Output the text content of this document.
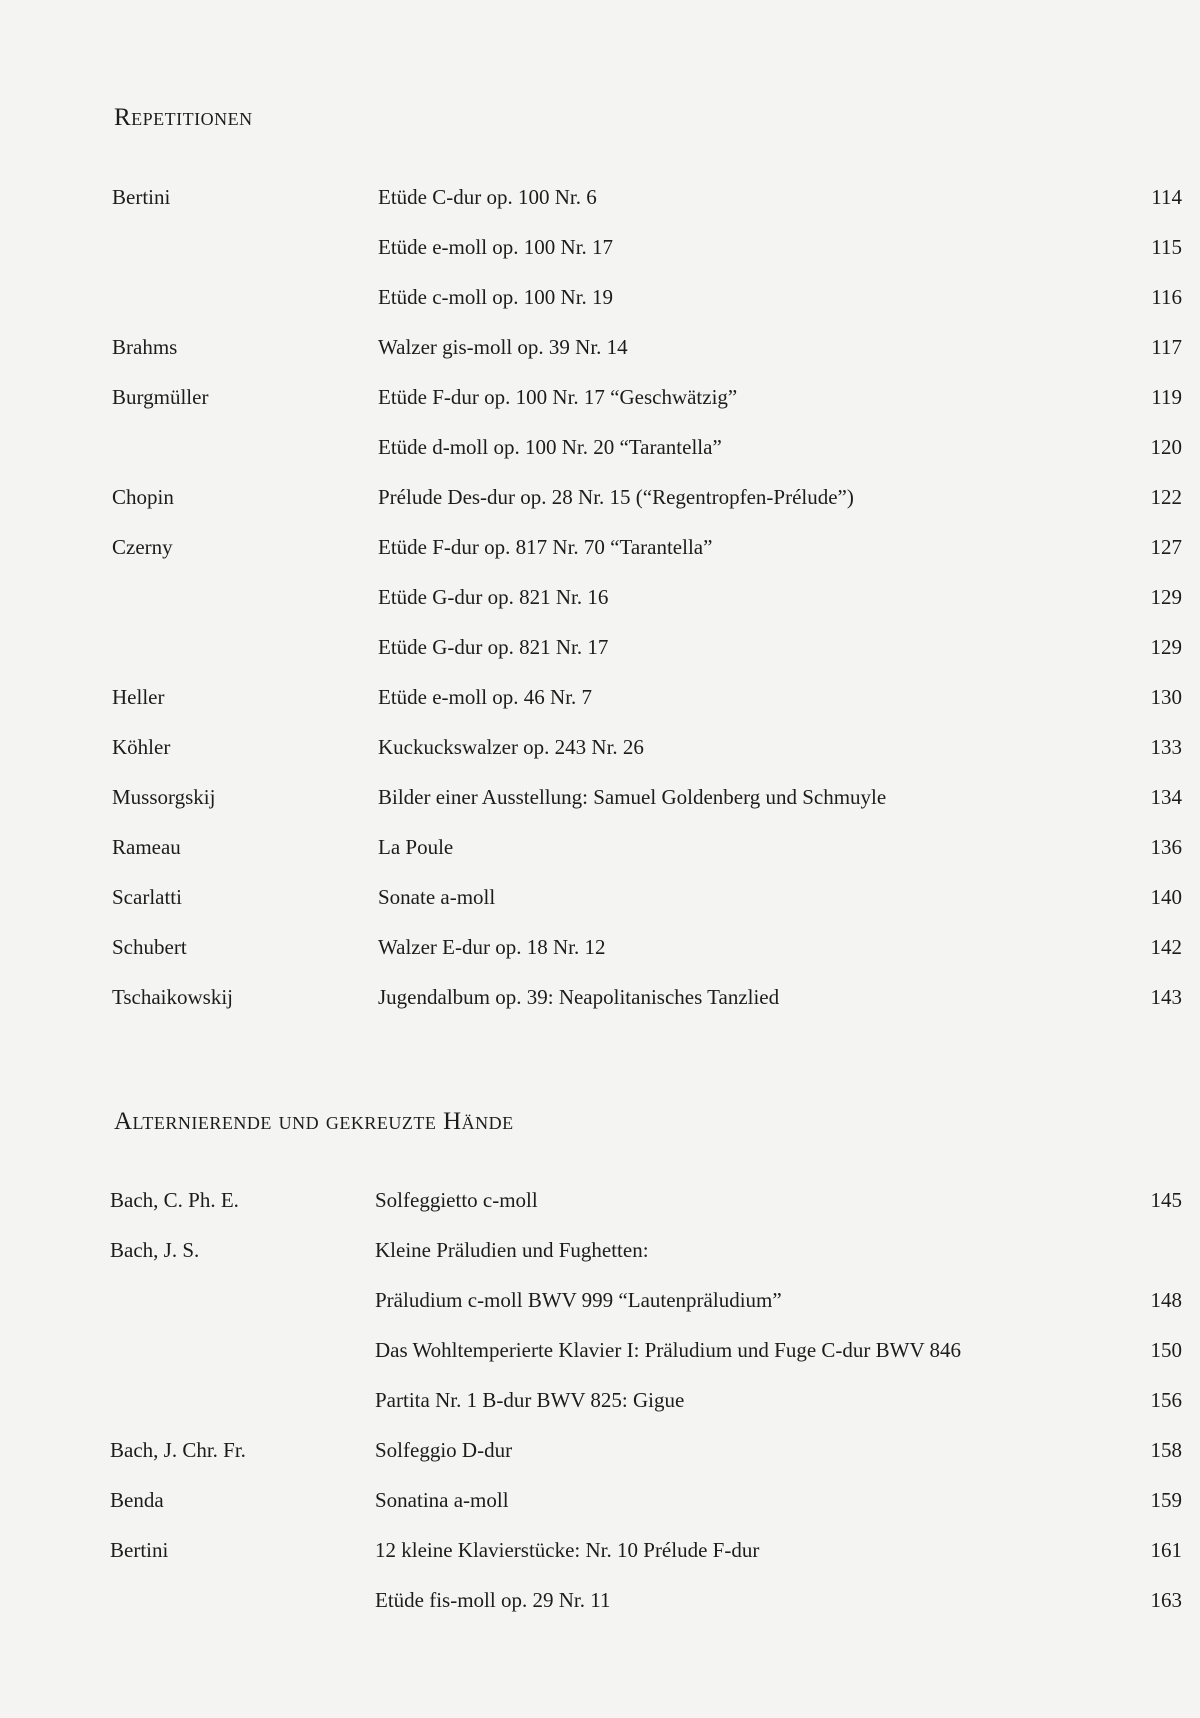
Repetitionen
Bertini	Etüde C-dur op. 100 Nr. 6	114
Etüde e-moll op. 100 Nr. 17	115
Etüde c-moll op. 100 Nr. 19	116
Brahms	Walzer gis-moll op. 39 Nr. 14	117
Burgmüller	Etüde F-dur op. 100 Nr. 17 “Geschwätzig”	119
Etüde d-moll op. 100 Nr. 20 “Tarantella”	120
Chopin	Prélude Des-dur op. 28 Nr. 15 (“Regentropfen-Prélude”)	122
Czerny	Etüde F-dur op. 817 Nr. 70 “Tarantella”	127
Etüde G-dur op. 821 Nr. 16	129
Etüde G-dur op. 821 Nr. 17	129
Heller	Etüde e-moll op. 46 Nr. 7	130
Köhler	Kuckuckswalzer op. 243 Nr. 26	133
Mussorgskij	Bilder einer Ausstellung: Samuel Goldenberg und Schmuyle	134
Rameau	La Poule	136
Scarlatti	Sonate a-moll	140
Schubert	Walzer E-dur op. 18 Nr. 12	142
Tschaikowskij	Jugendalbum op. 39: Neapolitanisches Tanzlied	143
Alternierende und gekreuzte Hände
Bach, C. Ph. E.	Solfeggietto c-moll	145
Bach, J. S.	Kleine Präludien und Fughetten:
Präludium c-moll BWV 999 “Lautenpräludium”	148
Das Wohltemperierte Klavier I: Präludium und Fuge C-dur BWV 846	150
Partita Nr. 1 B-dur BWV 825: Gigue	156
Bach, J. Chr. Fr.	Solfeggio D-dur	158
Benda	Sonatina a-moll	159
Bertini	12 kleine Klavierstücke: Nr. 10 Prélude F-dur	161
Etüde fis-moll op. 29 Nr. 11	163
